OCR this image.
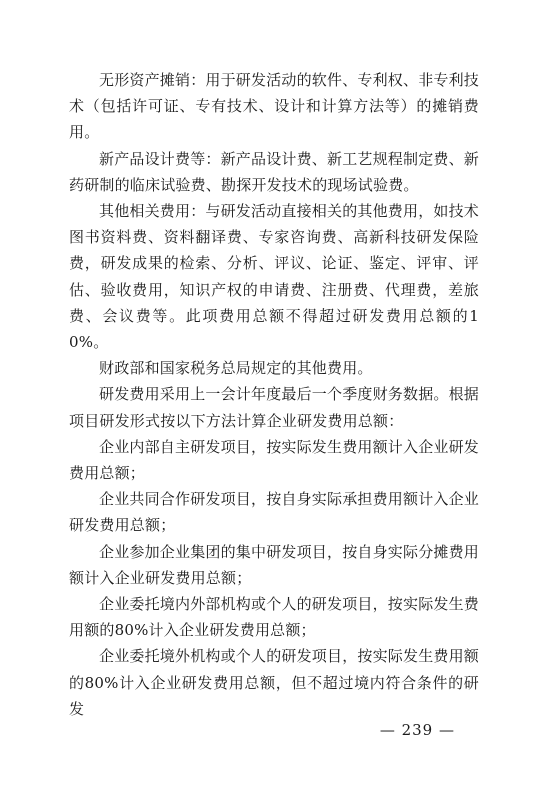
无形资产摊销：用于研发活动的软件、专利权、非专利技术（包括许可证、专有技术、设计和计算方法等）的摊销费用。

新产品设计费等：新产品设计费、新工艺规程制定费、新药研制的临床试验费、勘探开发技术的现场试验费。

其他相关费用：与研发活动直接相关的其他费用，如技术图书资料费、资料翻译费、专家咨询费、高新科技研发保险费，研发成果的检索、分析、评议、论证、鉴定、评审、评估、验收费用，知识产权的申请费、注册费、代理费，差旅费、会议费等。此项费用总额不得超过研发费用总额的10%。

财政部和国家税务总局规定的其他费用。

研发费用采用上一会计年度最后一个季度财务数据。根据项目研发形式按以下方法计算企业研发费用总额：

企业内部自主研发项目，按实际发生费用额计入企业研发费用总额；

企业共同合作研发项目，按自身实际承担费用额计入企业研发费用总额；

企业参加企业集团的集中研发项目，按自身实际分摊费用额计入企业研发费用总额；

企业委托境内外部机构或个人的研发项目，按实际发生费用额的80%计入企业研发费用总额；

企业委托境外机构或个人的研发项目，按实际发生费用额的80%计入企业研发费用总额，但不超过境内符合条件的研发

— 239 —
